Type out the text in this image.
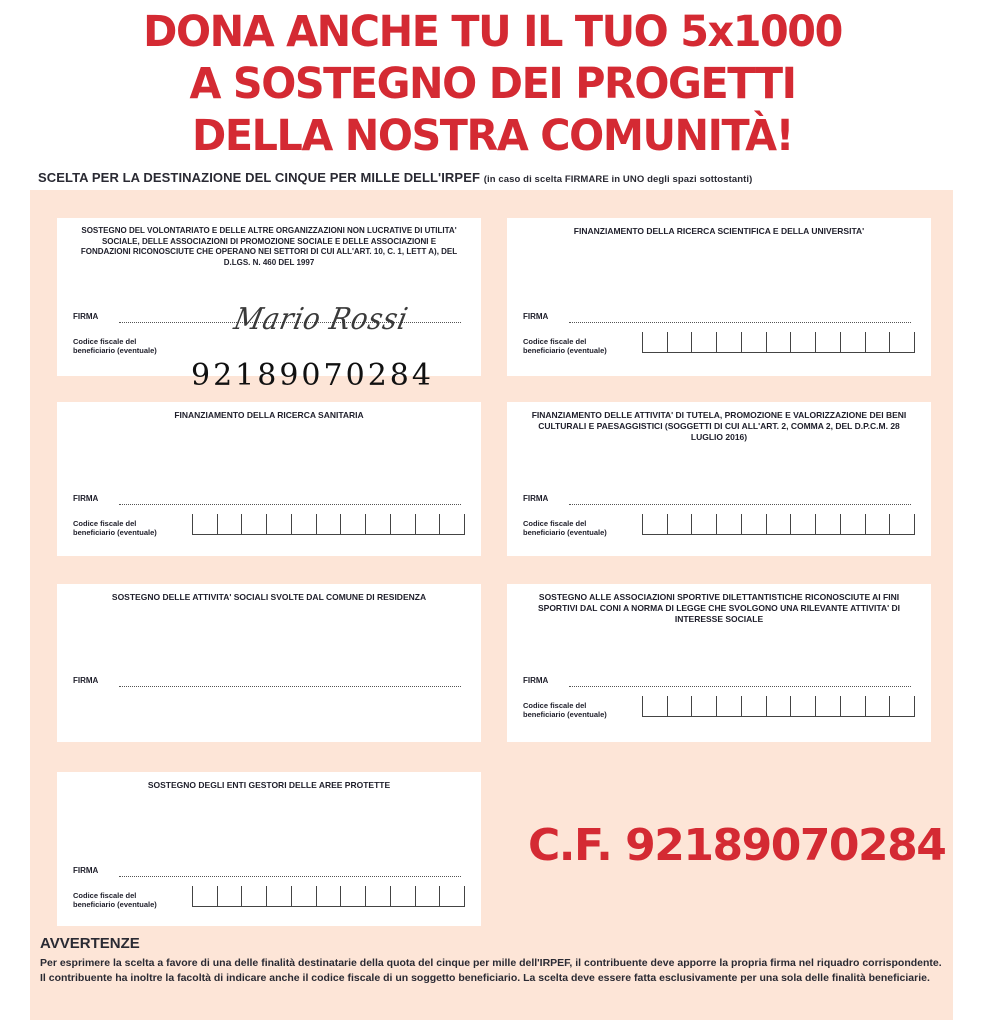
DONA ANCHE TU IL TUO 5x1000
A SOSTEGNO DEI PROGETTI
DELLA NOSTRA COMUNITÀ!
SCELTA PER LA DESTINAZIONE DEL CINQUE PER MILLE DELL'IRPEF (in caso di scelta FIRMARE in UNO degli spazi sottostanti)
SOSTEGNO DEL VOLONTARIATO E DELLE ALTRE ORGANIZZAZIONI NON LUCRATIVE DI UTILITA' SOCIALE, DELLE ASSOCIAZIONI DI PROMOZIONE SOCIALE E DELLE ASSOCIAZIONI E FONDAZIONI RICONOSCIUTE CHE OPERANO NEI SETTORI DI CUI ALL'ART. 10, C. 1, LETT A), DEL D.LGS. N. 460 DEL 1997
FIRMA
Codice fiscale del
beneficiario (eventuale)
Mario Rossi
92189070284
FINANZIAMENTO DELLA RICERCA SCIENTIFICA E DELLA UNIVERSITA'
FIRMA
Codice fiscale del
beneficiario (eventuale)
FINANZIAMENTO DELLA RICERCA SANITARIA
FIRMA
Codice fiscale del
beneficiario (eventuale)
FINANZIAMENTO DELLE ATTIVITA' DI TUTELA, PROMOZIONE E VALORIZZAZIONE DEI BENI CULTURALI E PAESAGGISTICI (SOGGETTI DI CUI ALL'ART. 2, COMMA 2, DEL D.P.C.M. 28 LUGLIO 2016)
FIRMA
Codice fiscale del
beneficiario (eventuale)
SOSTEGNO DELLE ATTIVITA' SOCIALI SVOLTE DAL COMUNE DI RESIDENZA
FIRMA
SOSTEGNO ALLE ASSOCIAZIONI SPORTIVE DILETTANTISTICHE RICONOSCIUTE AI FINI SPORTIVI DAL CONI A NORMA DI LEGGE CHE SVOLGONO UNA RILEVANTE ATTIVITA' DI INTERESSE SOCIALE
FIRMA
Codice fiscale del
beneficiario (eventuale)
SOSTEGNO DEGLI ENTI GESTORI DELLE AREE PROTETTE
FIRMA
Codice fiscale del
beneficiario (eventuale)
C.F. 92189070284
AVVERTENZE
Per esprimere la scelta a favore di una delle finalità destinatarie della quota del cinque per mille dell'IRPEF, il contribuente deve apporre la propria firma nel riquadro corrispondente. Il contribuente ha inoltre la facoltà di indicare anche il codice fiscale di un soggetto beneficiario. La scelta deve essere fatta esclusivamente per una sola delle finalità beneficiarie.
